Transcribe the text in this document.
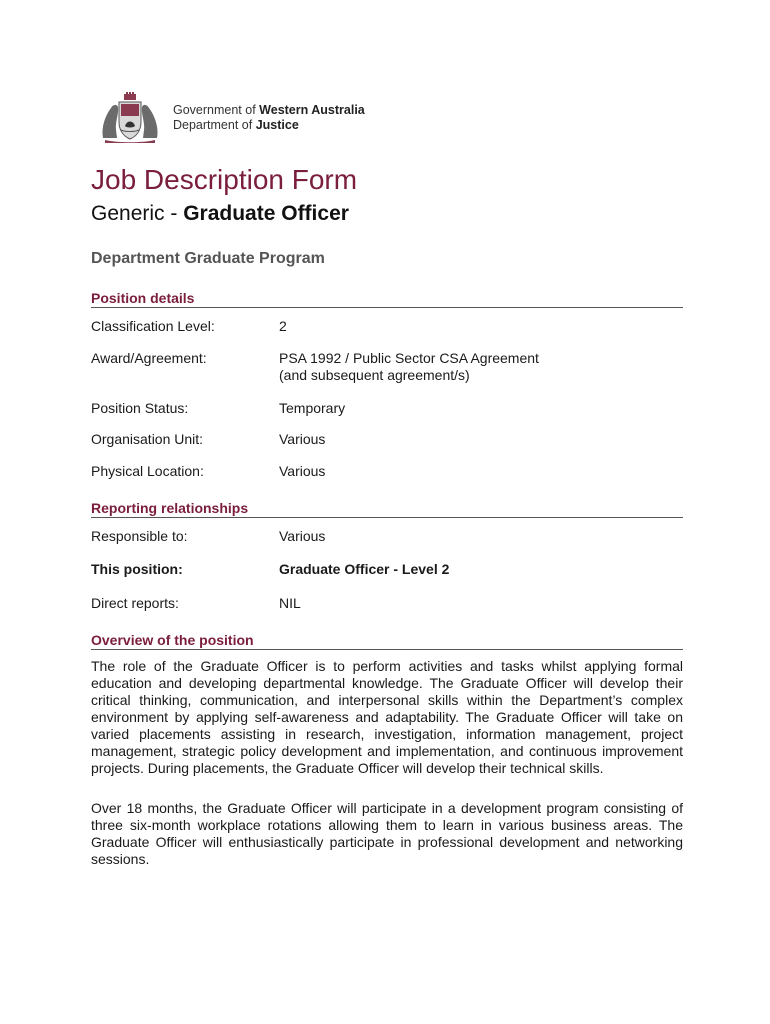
Government of Western Australia
Department of Justice
Job Description Form
Generic - Graduate Officer
Department Graduate Program
Position details
Classification Level:	2
Award/Agreement:	PSA 1992 / Public Sector CSA Agreement
(and subsequent agreement/s)
Position Status:	Temporary
Organisation Unit:	Various
Physical Location:	Various
Reporting relationships
Responsible to:	Various
This position:	Graduate Officer - Level 2
Direct reports:	NIL
Overview of the position

The role of the Graduate Officer is to perform activities and tasks whilst applying formal education and developing departmental knowledge. The Graduate Officer will develop their critical thinking, communication, and interpersonal skills within the Department’s complex environment by applying self-awareness and adaptability. The Graduate Officer will take on varied placements assisting in research, investigation, information management, project management, strategic policy development and implementation, and continuous improvement projects. During placements, the Graduate Officer will develop their technical skills.

Over 18 months, the Graduate Officer will participate in a development program consisting of three six-month workplace rotations allowing them to learn in various business areas. The Graduate Officer will enthusiastically participate in professional development and networking sessions.
